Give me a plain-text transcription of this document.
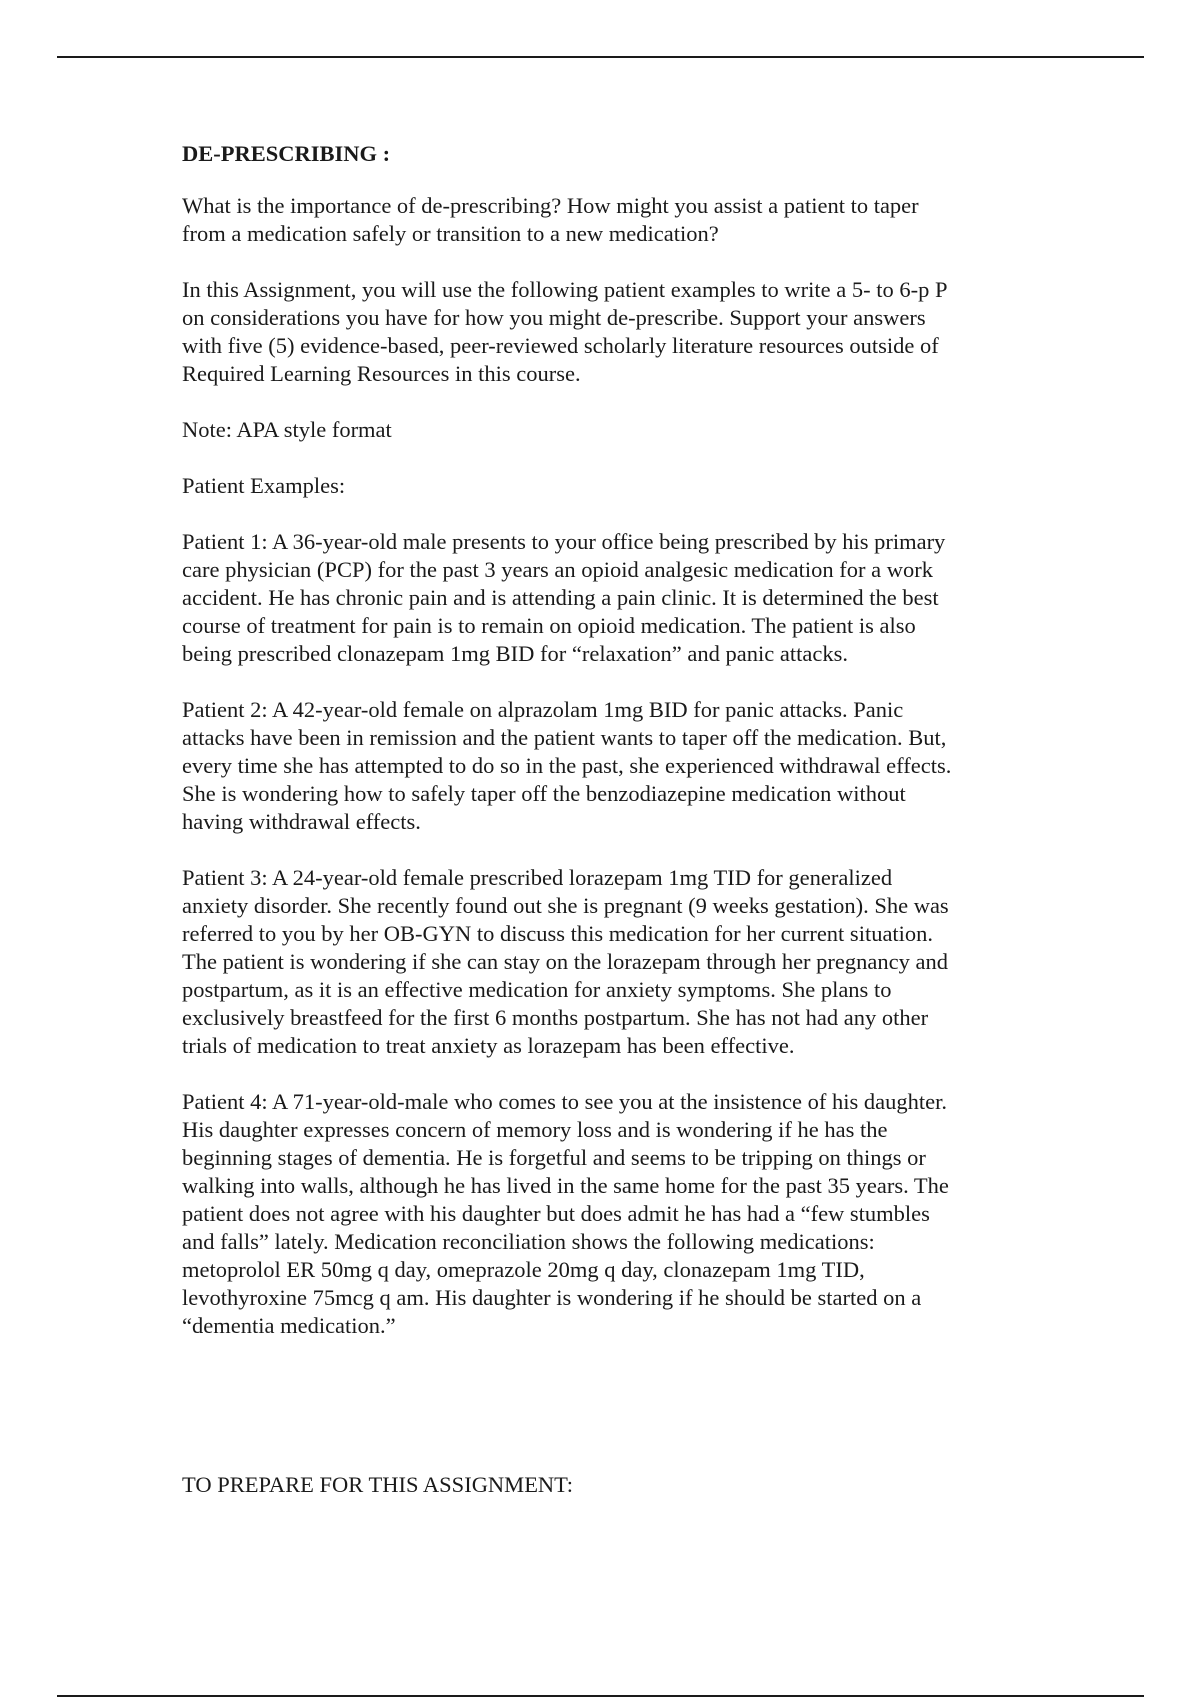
DE-PRESCRIBING :
What is the importance of de-prescribing? How might you assist a patient to taper
from a medication safely or transition to a new medication?
In this Assignment, you will use the following patient examples to write a 5- to 6-p P
on considerations you have for how you might de-prescribe. Support your answers
with five (5) evidence-based, peer-reviewed scholarly literature resources outside of
Required Learning Resources in this course.
Note: APA style format
Patient Examples:
Patient 1: A 36-year-old male presents to your office being prescribed by his primary
care physician (PCP) for the past 3 years an opioid analgesic medication for a work
accident. He has chronic pain and is attending a pain clinic. It is determined the best
course of treatment for pain is to remain on opioid medication. The patient is also
being prescribed clonazepam 1mg BID for “relaxation” and panic attacks.
Patient 2: A 42-year-old female on alprazolam 1mg BID for panic attacks. Panic
attacks have been in remission and the patient wants to taper off the medication. But,
every time she has attempted to do so in the past, she experienced withdrawal effects.
She is wondering how to safely taper off the benzodiazepine medication without
having withdrawal effects.
Patient 3: A 24-year-old female prescribed lorazepam 1mg TID for generalized
anxiety disorder. She recently found out she is pregnant (9 weeks gestation). She was
referred to you by her OB-GYN to discuss this medication for her current situation.
The patient is wondering if she can stay on the lorazepam through her pregnancy and
postpartum, as it is an effective medication for anxiety symptoms. She plans to
exclusively breastfeed for the first 6 months postpartum. She has not had any other
trials of medication to treat anxiety as lorazepam has been effective.
Patient 4: A 71-year-old-male who comes to see you at the insistence of his daughter.
His daughter expresses concern of memory loss and is wondering if he has the
beginning stages of dementia. He is forgetful and seems to be tripping on things or
walking into walls, although he has lived in the same home for the past 35 years. The
patient does not agree with his daughter but does admit he has had a “few stumbles
and falls” lately. Medication reconciliation shows the following medications:
metoprolol ER 50mg q day, omeprazole 20mg q day, clonazepam 1mg TID,
levothyroxine 75mcg q am. His daughter is wondering if he should be started on a
“dementia medication.”
TO PREPARE FOR THIS ASSIGNMENT:
